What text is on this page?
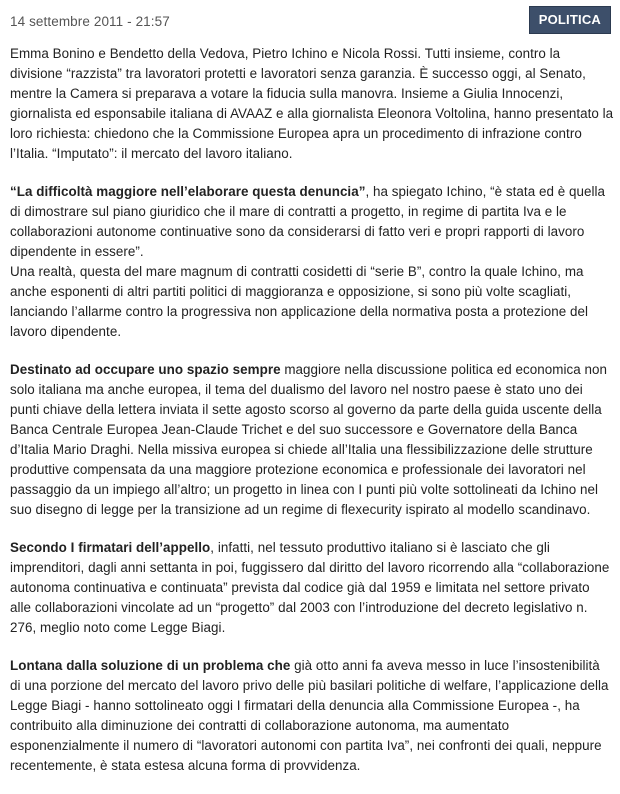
14 settembre 2011 - 21:57	POLITICA

Emma Bonino e Bendetto della Vedova, Pietro Ichino e Nicola Rossi. Tutti insieme, contro la divisione “razzista” tra lavoratori protetti e lavoratori senza garanzia. È successo oggi, al Senato, mentre la Camera si preparava a votare la fiducia sulla manovra. Insieme a Giulia Innocenzi, giornalista ed esponsabile italiana di AVAAZ e alla giornalista Eleonora Voltolina, hanno presentato la loro richiesta: chiedono che la Commissione Europea apra un procedimento di infrazione contro l’Italia. “Imputato”: il mercato del lavoro italiano.

“La difficoltà maggiore nell’elaborare questa denuncia”, ha spiegato Ichino, “è stata ed è quella di dimostrare sul piano giuridico che il mare di contratti a progetto, in regime di partita Iva e le collaborazioni autonome continuative sono da considerarsi di fatto veri e propri rapporti di lavoro dipendente in essere”.

Una realtà, questa del mare magnum di contratti cosidetti di “serie B”, contro la quale Ichino, ma anche esponenti di altri partiti politici di maggioranza e opposizione, si sono più volte scagliati, lanciando l’allarme contro la progressiva non applicazione della normativa posta a protezione del lavoro dipendente.

Destinato ad occupare uno spazio sempre maggiore nella discussione politica ed economica non solo italiana ma anche europea, il tema del dualismo del lavoro nel nostro paese è stato uno dei punti chiave della lettera inviata il sette agosto scorso al governo da parte della guida uscente della Banca Centrale Europea Jean-Claude Trichet e del suo successore e Governatore della Banca d’Italia Mario Draghi. Nella missiva europea si chiede all’Italia una flessibilizzazione delle strutture produttive compensata da una maggiore protezione economica e professionale dei lavoratori nel passaggio da un impiego all’altro; un progetto in linea con I punti più volte sottolineati da Ichino nel suo disegno di legge per la transizione ad un regime di flexecurity ispirato al modello scandinavo.

Secondo I firmatari dell’appello, infatti, nel tessuto produttivo italiano si è lasciato che gli imprenditori, dagli anni settanta in poi, fuggissero dal diritto del lavoro ricorrendo alla “collaborazione autonoma continuativa e continuata” prevista dal codice già dal 1959 e limitata nel settore privato alle collaborazioni vincolate ad un “progetto” dal 2003 con l’introduzione del decreto legislativo n. 276, meglio noto come Legge Biagi.

Lontana dalla soluzione di un problema che già otto anni fa aveva messo in luce l’insostenibilità di una porzione del mercato del lavoro privo delle più basilari politiche di welfare, l’applicazione della Legge Biagi - hanno sottolineato oggi I firmatari della denuncia alla Commissione Europea -, ha contribuito alla diminuzione dei contratti di collaborazione autonoma, ma aumentato esponenzialmente il numero di “lavoratori autonomi con partita Iva”, nei confronti dei quali, neppure recentemente, è stata estesa alcuna forma di provvidenza.
